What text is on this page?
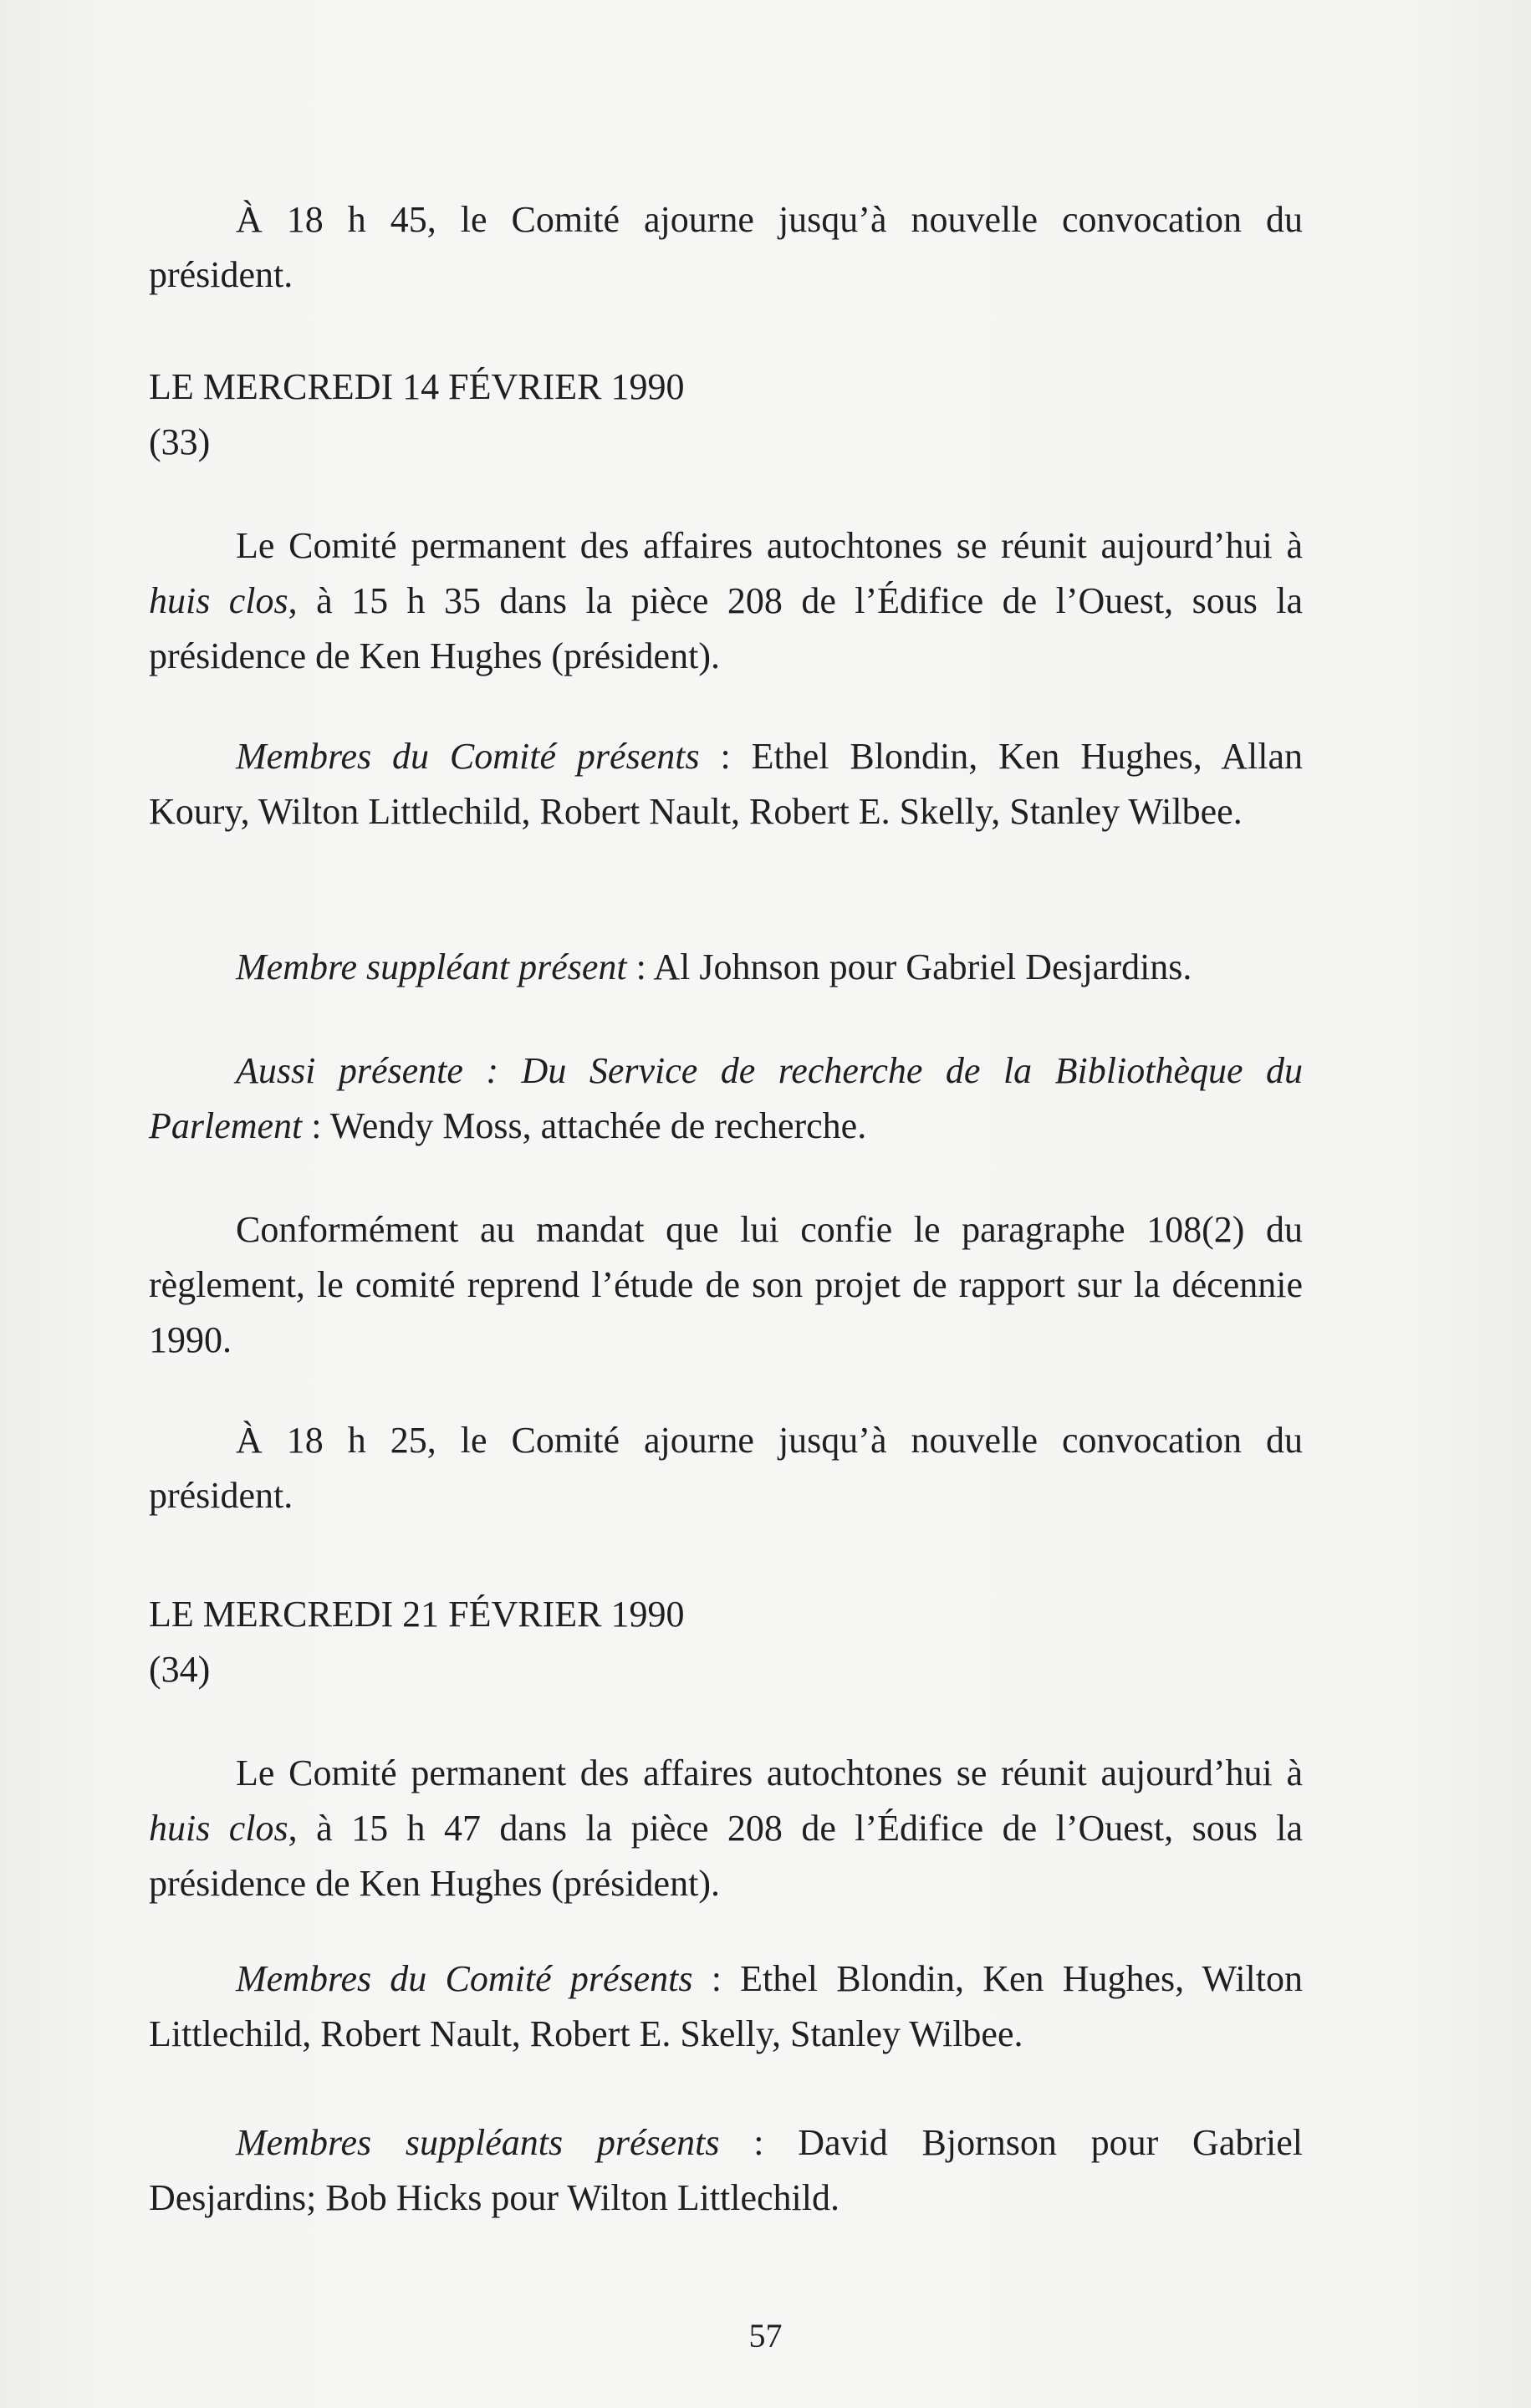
À 18 h 45, le Comité ajourne jusqu’à nouvelle convocation du président.

LE MERCREDI 14 FÉVRIER 1990
(33)

Le Comité permanent des affaires autochtones se réunit aujourd’hui à huis clos, à 15 h 35 dans la pièce 208 de l’Édifice de l’Ouest, sous la présidence de Ken Hughes (président).

Membres du Comité présents : Ethel Blondin, Ken Hughes, Allan Koury, Wilton Littlechild, Robert Nault, Robert E. Skelly, Stanley Wilbee.

Membre suppléant présent : Al Johnson pour Gabriel Desjardins.

Aussi présente : Du Service de recherche de la Bibliothèque du Parlement : Wendy Moss, attachée de recherche.

Conformément au mandat que lui confie le paragraphe 108(2) du règlement, le comité reprend l’étude de son projet de rapport sur la décennie 1990.

À 18 h 25, le Comité ajourne jusqu’à nouvelle convocation du président.

LE MERCREDI 21 FÉVRIER 1990
(34)

Le Comité permanent des affaires autochtones se réunit aujourd’hui à huis clos, à 15 h 47 dans la pièce 208 de l’Édifice de l’Ouest, sous la présidence de Ken Hughes (président).

Membres du Comité présents : Ethel Blondin, Ken Hughes, Wilton Littlechild, Robert Nault, Robert E. Skelly, Stanley Wilbee.

Membres suppléants présents : David Bjornson pour Gabriel Desjardins; Bob Hicks pour Wilton Littlechild.

57
